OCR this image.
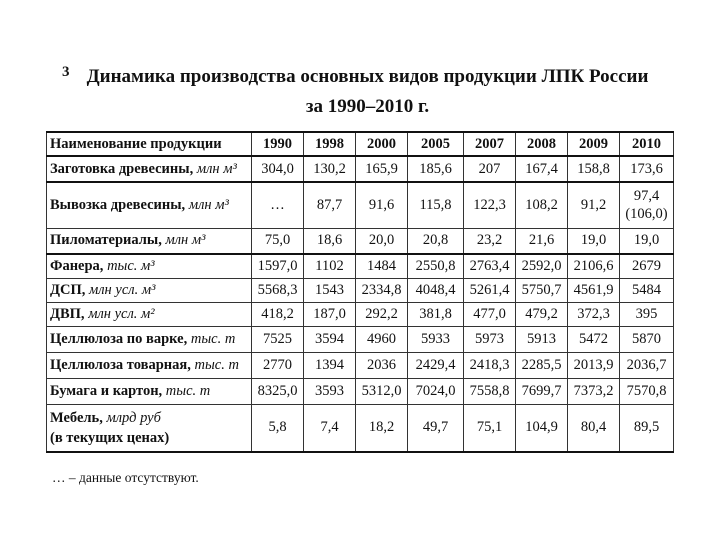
3 Динамика производства основных видов продукции ЛПК России
за 1990–2010 г.
Наименование продукции	1990	1998	2000	2005	2007	2008	2009	2010
Заготовка древесины, млн м³	304,0	130,2	165,9	185,6	207	167,4	158,8	173,6
Вывозка древесины, млн м³	…	87,7	91,6	115,8	122,3	108,2	91,2	97,4 (106,0)
Пиломатериалы, млн м³	75,0	18,6	20,0	20,8	23,2	21,6	19,0	19,0
Фанера, тыс. м³	1597,0	1102	1484	2550,8	2763,4	2592,0	2106,6	2679
ДСП, млн усл. м³	5568,3	1543	2334,8	4048,4	5261,4	5750,7	4561,9	5484
ДВП, млн усл. м²	418,2	187,0	292,2	381,8	477,0	479,2	372,3	395
Целлюлоза по варке, тыс. т	7525	3594	4960	5933	5973	5913	5472	5870
Целлюлоза товарная, тыс. т	2770	1394	2036	2429,4	2418,3	2285,5	2013,9	2036,7
Бумага и картон, тыс. т	8325,0	3593	5312,0	7024,0	7558,8	7699,7	7373,2	7570,8
Мебель, млрд руб
(в текущих ценах)	5,8	7,4	18,2	49,7	75,1	104,9	80,4	89,5
… – данные отсутствуют.
